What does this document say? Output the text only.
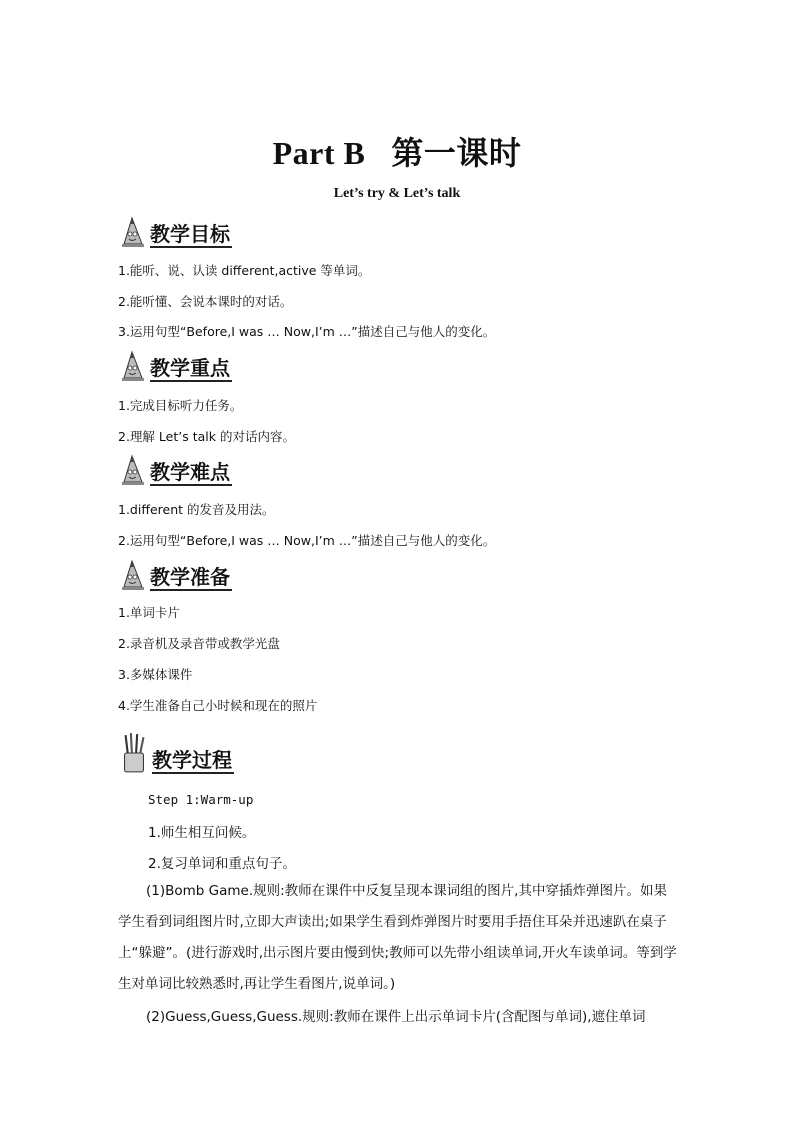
Part B 第一课时
Let’s try & Let’s talk
教学目标
1.能听、说、认读 different,active 等单词。
2.能听懂、会说本课时的对话。
3.运用句型“Before,I was … Now,I’m …”描述自己与他人的变化。
教学重点
1.完成目标听力任务。
2.理解 Let’s talk 的对话内容。
教学难点
1.different 的发音及用法。
2.运用句型“Before,I was … Now,I’m …”描述自己与他人的变化。
教学准备
1.单词卡片
2.录音机及录音带或教学光盘
3.多媒体课件
4.学生准备自己小时候和现在的照片
教学过程
Step 1:Warm-up
1.师生相互问候。
2.复习单词和重点句子。
(1)Bomb Game.规则:教师在课件中反复呈现本课词组的图片,其中穿插炸弹图片。如果学生看到词组图片时,立即大声读出;如果学生看到炸弹图片时要用手捂住耳朵并迅速趴在桌子上“躲避”。(进行游戏时,出示图片要由慢到快;教师可以先带小组读单词,开火车读单词。等到学生对单词比较熟悉时,再让学生看图片,说单词。)
(2)Guess,Guess,Guess.规则:教师在课件上出示单词卡片(含配图与单词),遮住单词
